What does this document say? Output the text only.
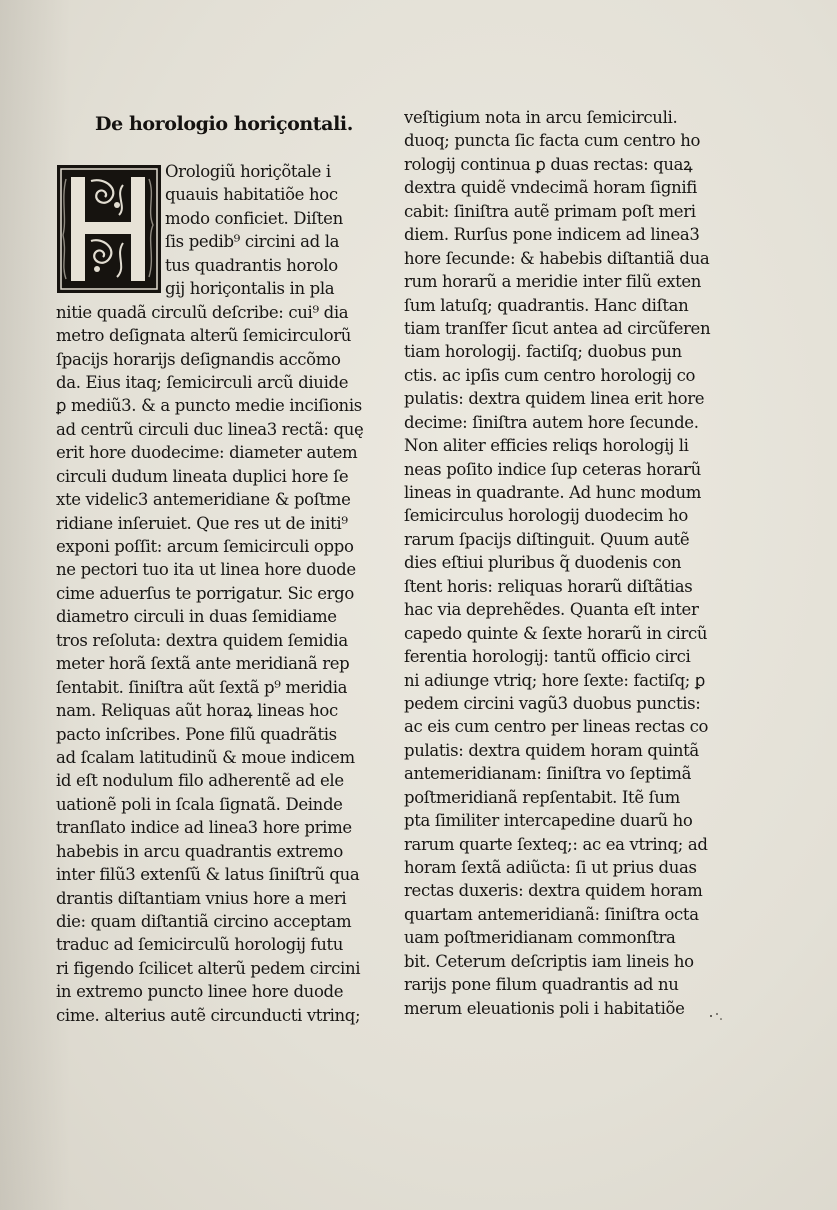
De horologio horiçontali.
Orologiũ horiçõtale i
quauis habitatiõe hoc
modo conficiet. Diſten
ſis pedib⁹ circini ad la
tus quadrantis horolo
gij horiçontalis in pla
nitie quadã circulũ deſcribe: cui⁹ dia
metro deſignata alterũ ſemicirculorũ
ſpacijs horarijs deſignandis accõmo
da. Eius itaq; ſemicirculi arcũ diuide
ꝑ mediũ3. & a puncto medie inciſionis
ad centrũ circuli duc linea3 rectã: quę
erit hore duodecime: diameter autem
circuli dudum lineata duplici hore ſe
xte videlic3 antemeridiane & poſtme
ridiane inſeruiet. Que res ut de initi⁹
exponi poſſit: arcum ſemicirculi oppo
ne pectori tuo ita ut linea hore duode
cime aduerſus te porrigatur. Sic ergo
diametro circuli in duas ſemidiame
tros reſoluta: dextra quidem ſemidia
meter horã ſextã ante meridianã rep
ſentabit. ſiniſtra aũt ſextã p⁹ meridia
nam. Reliquas aũt horaꝝ lineas hoc
pacto inſcribes. Pone filũ quadrãtis
ad ſcalam latitudinũ & moue indicem
id eſt nodulum filo adherentẽ ad ele
uationẽ poli in ſcala ſignatã. Deinde
tranſlato indice ad linea3 hore prime
habebis in arcu quadrantis extremo
inter filũ3 extenſũ & latus ſiniſtrũ qua
drantis diſtantiam vnius hore a meri
die: quam diſtantiã circino acceptam
traduc ad ſemicirculũ horologij futu
ri figendo ſcilicet alterũ pedem circini
in extremo puncto linee hore duode
cime. alterius autẽ circunducti vtrinq;
veſtigium nota in arcu ſemicirculi.
duoq; puncta ſic facta cum centro ho
rologij continua ꝑ duas rectas: quaꝝ
dextra quidẽ vndecimã horam ſignifi
cabit: ſiniſtra autẽ primam poſt meri
diem. Rurſus pone indicem ad linea3
hore ſecunde: & habebis diſtantiã dua
rum horarũ a meridie inter filũ exten
ſum latuſq; quadrantis. Hanc diſtan
tiam tranſfer ſicut antea ad circũferen
tiam horologij. factiſq; duobus pun
ctis. ac ipſis cum centro horologij co
pulatis: dextra quidem linea erit hore
decime: ſiniſtra autem hore ſecunde.
Non aliter efficies reliqs horologij li
neas poſito indice ſup ceteras horarũ
lineas in quadrante. Ad hunc modum
ſemicirculus horologij duodecim ho
rarum ſpacijs diſtinguit. Quum autẽ
dies eſtiui pluribus q̃ duodenis con
ſtent horis: reliquas horarũ diſtãtias
hac via deprehẽdes. Quanta eſt inter
capedo quinte & ſexte horarũ in circũ
ferentia horologij: tantũ officio circi
ni adiunge vtriq; hore ſexte: factiſq; ꝑ
pedem circini vagũ3 duobus punctis:
ac eis cum centro per lineas rectas co
pulatis: dextra quidem horam quintã
antemeridianam: ſiniſtra vo ſeptimã
poſtmeridianã repſentabit. Itẽ ſum
pta ſimiliter intercapedine duarũ ho
rarum quarte ſexteq;: ac ea vtrinq; ad
horam ſextã adiũcta: ſi ut prius duas
rectas duxeris: dextra quidem horam
quartam antemeridianã: ſiniſtra octa
uam poſtmeridianam commonſtra
bit. Ceterum deſcriptis iam lineis ho
rarijs pone filum quadrantis ad nu
merum eleuationis poli i habitatiõe
